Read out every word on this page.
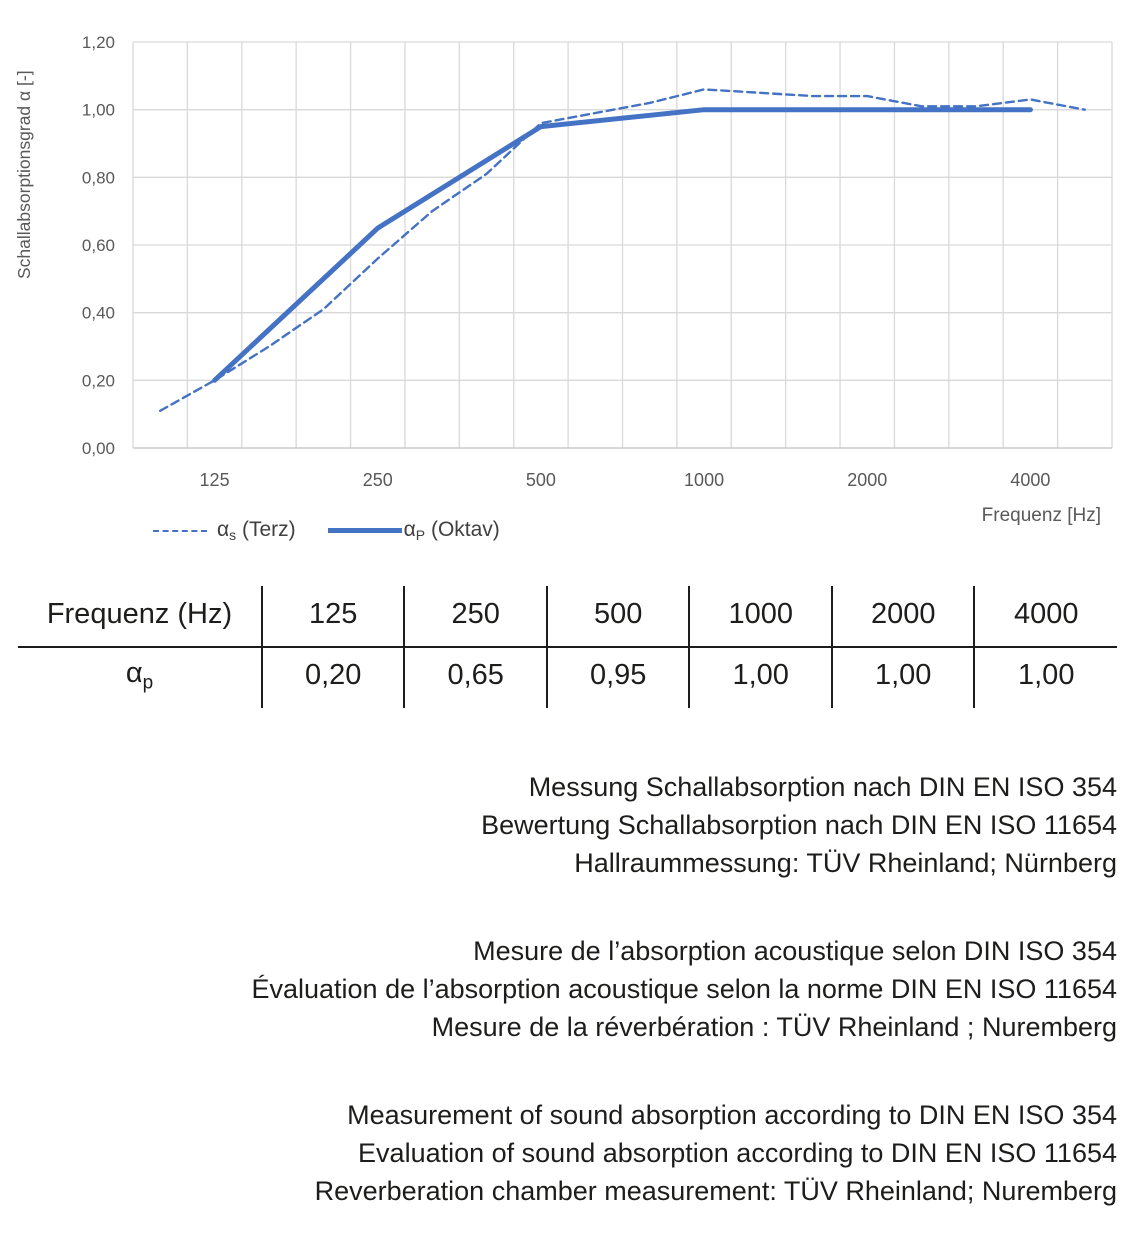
0,00
0,20
0,40
0,60
0,80
1,00
1,20
125	250	500	1000	2000	4000
Schallabsorptionsgrad α [-]
Frequenz [Hz]
$\alpha_s$ (Terz)	$\alpha_P$ (Oktav)
Frequenz (Hz)	125	250	500	1000	2000	4000
$\alpha_p$	0,20	0,65	0,95	1,00	1,00	1,00
Messung Schallabsorption nach DIN EN ISO 354
Bewertung Schallabsorption nach DIN EN ISO 11654
Hallraummessung: TÜV Rheinland; Nürnberg
Mesure de l’absorption acoustique selon DIN ISO 354
Évaluation de l’absorption acoustique selon la norme DIN EN ISO 11654
Mesure de la réverbération : TÜV Rheinland ; Nuremberg
Measurement of sound absorption according to DIN EN ISO 354
Evaluation of sound absorption according to DIN EN ISO 11654
Reverberation chamber measurement: TÜV Rheinland; Nuremberg
